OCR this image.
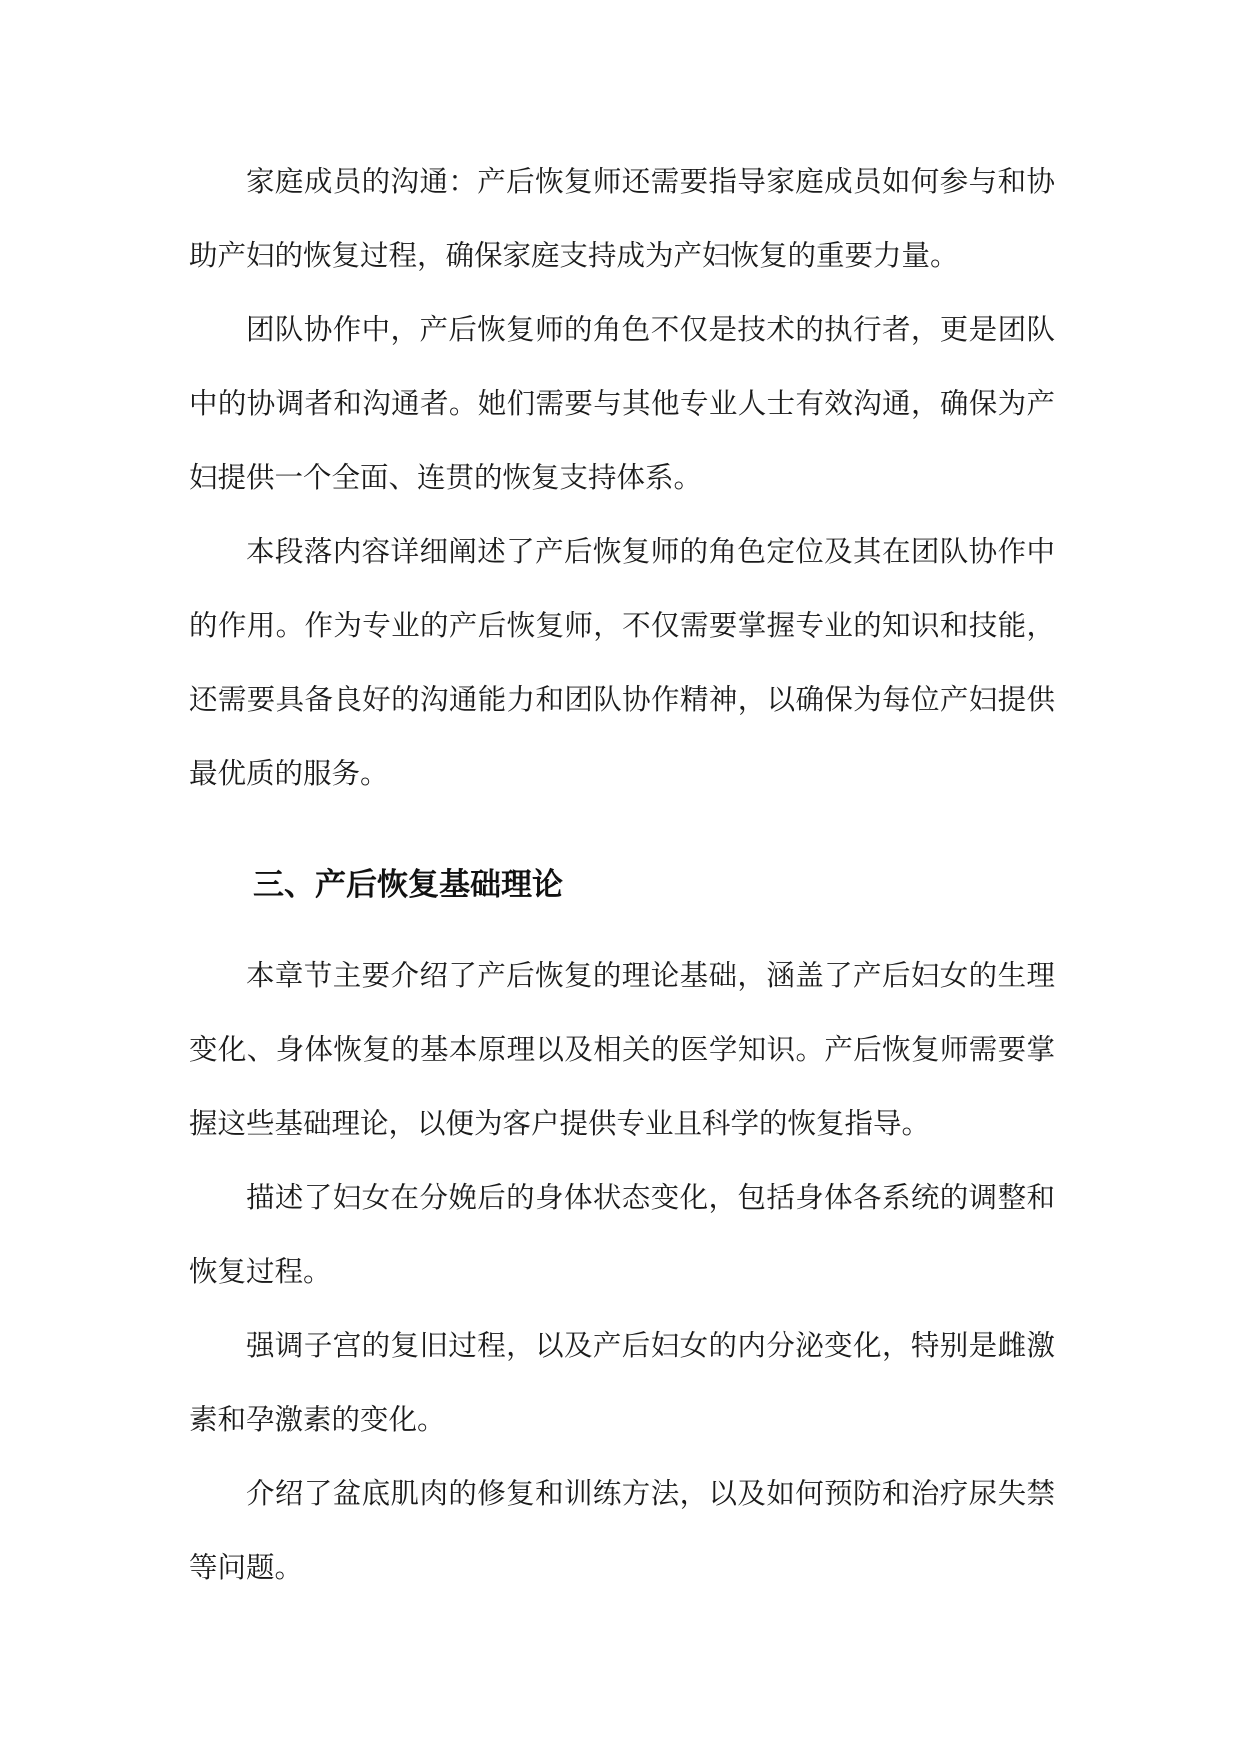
家庭成员的沟通：产后恢复师还需要指导家庭成员如何参与和协助产妇的恢复过程，确保家庭支持成为产妇恢复的重要力量。

团队协作中，产后恢复师的角色不仅是技术的执行者，更是团队中的协调者和沟通者。她们需要与其他专业人士有效沟通，确保为产妇提供一个全面、连贯的恢复支持体系。

本段落内容详细阐述了产后恢复师的角色定位及其在团队协作中的作用。作为专业的产后恢复师，不仅需要掌握专业的知识和技能，还需要具备良好的沟通能力和团队协作精神，以确保为每位产妇提供最优质的服务。

三、产后恢复基础理论

本章节主要介绍了产后恢复的理论基础，涵盖了产后妇女的生理变化、身体恢复的基本原理以及相关的医学知识。产后恢复师需要掌握这些基础理论，以便为客户提供专业且科学的恢复指导。

描述了妇女在分娩后的身体状态变化，包括身体各系统的调整和恢复过程。

强调子宫的复旧过程，以及产后妇女的内分泌变化，特别是雌激素和孕激素的变化。

介绍了盆底肌肉的修复和训练方法，以及如何预防和治疗尿失禁等问题。
